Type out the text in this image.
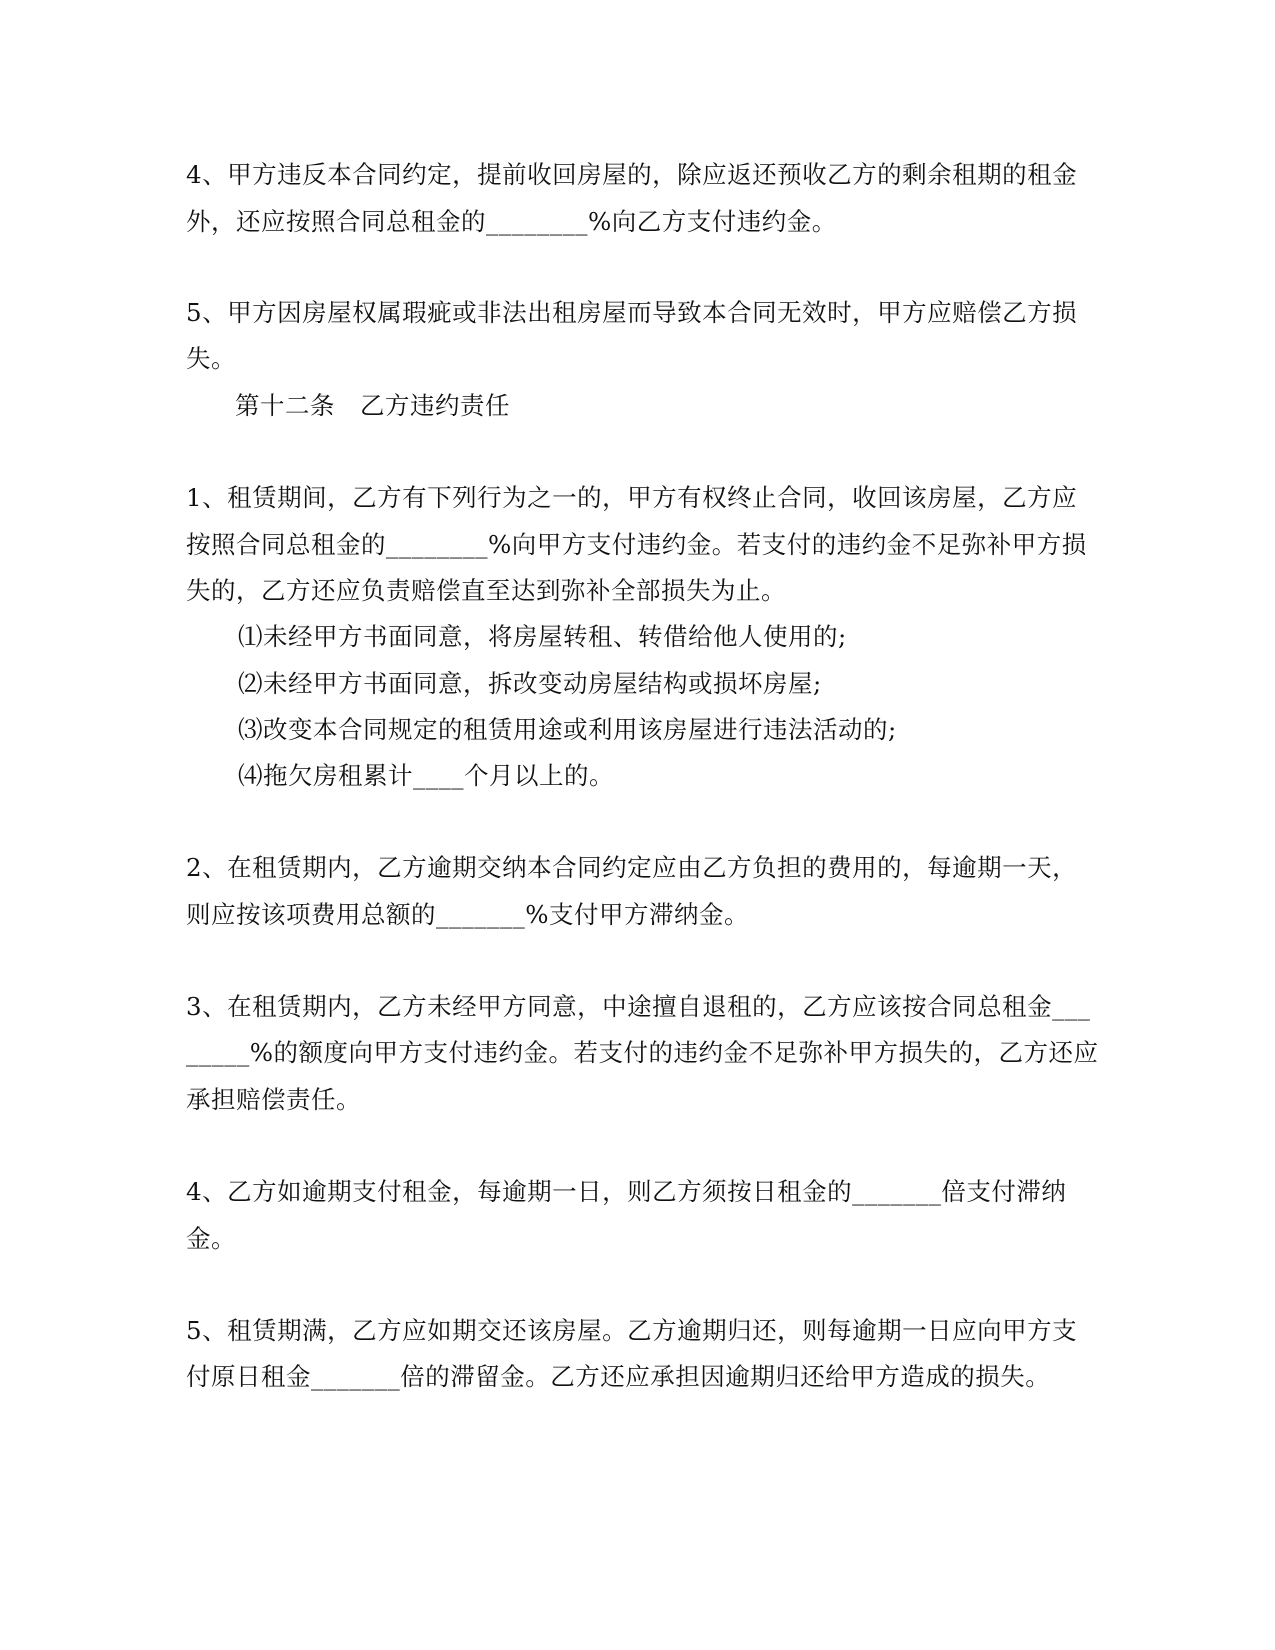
4、甲方违反本合同约定，提前收回房屋的，除应返还预收乙方的剩余租期的租金

外，还应按照合同总租金的________%向乙方支付违约金。

5、甲方因房屋权属瑕疵或非法出租房屋而导致本合同无效时，甲方应赔偿乙方损

失。

第十二条　乙方违约责任

1、租赁期间，乙方有下列行为之一的，甲方有权终止合同，收回该房屋，乙方应

按照合同总租金的________%向甲方支付违约金。若支付的违约金不足弥补甲方损

失的，乙方还应负责赔偿直至达到弥补全部损失为止。

⑴未经甲方书面同意，将房屋转租、转借给他人使用的;

⑵未经甲方书面同意，拆改变动房屋结构或损坏房屋;

⑶改变本合同规定的租赁用途或利用该房屋进行违法活动的;

⑷拖欠房租累计____个月以上的。

2、在租赁期内，乙方逾期交纳本合同约定应由乙方负担的费用的，每逾期一天，

则应按该项费用总额的_______%支付甲方滞纳金。

3、在租赁期内，乙方未经甲方同意，中途擅自退租的，乙方应该按合同总租金___

_____%的额度向甲方支付违约金。若支付的违约金不足弥补甲方损失的，乙方还应

承担赔偿责任。

4、乙方如逾期支付租金，每逾期一日，则乙方须按日租金的_______倍支付滞纳

金。

5、租赁期满，乙方应如期交还该房屋。乙方逾期归还，则每逾期一日应向甲方支

付原日租金_______倍的滞留金。乙方还应承担因逾期归还给甲方造成的损失。
